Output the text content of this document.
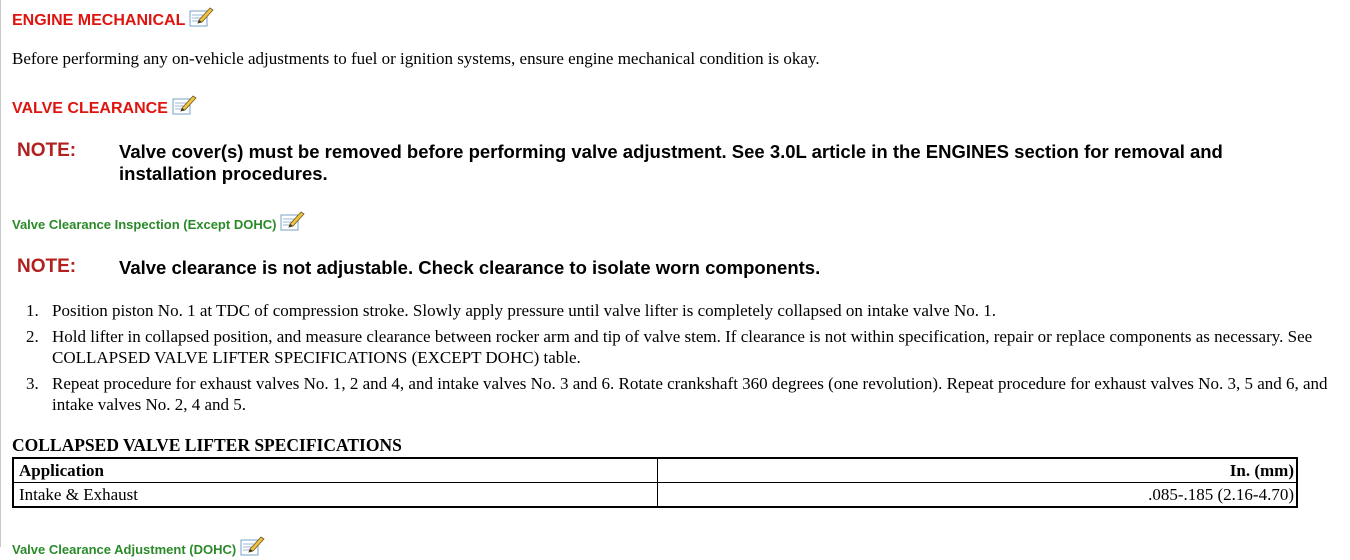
ENGINE MECHANICAL
Before performing any on-vehicle adjustments to fuel or ignition systems, ensure engine mechanical condition is okay.
VALVE CLEARANCE
NOTE: Valve cover(s) must be removed before performing valve adjustment. See 3.0L article in the ENGINES section for removal and installation procedures.
Valve Clearance Inspection (Except DOHC)
NOTE: Valve clearance is not adjustable. Check clearance to isolate worn components.
1. Position piston No. 1 at TDC of compression stroke. Slowly apply pressure until valve lifter is completely collapsed on intake valve No. 1.
2. Hold lifter in collapsed position, and measure clearance between rocker arm and tip of valve stem. If clearance is not within specification, repair or replace components as necessary. See COLLAPSED VALVE LIFTER SPECIFICATIONS (EXCEPT DOHC) table.
3. Repeat procedure for exhaust valves No. 1, 2 and 4, and intake valves No. 3 and 6. Rotate crankshaft 360 degrees (one revolution). Repeat procedure for exhaust valves No. 3, 5 and 6, and intake valves No. 2, 4 and 5.
COLLAPSED VALVE LIFTER SPECIFICATIONS
Application	In. (mm)
Intake & Exhaust	.085-.185 (2.16-4.70)
Valve Clearance Adjustment (DOHC)
